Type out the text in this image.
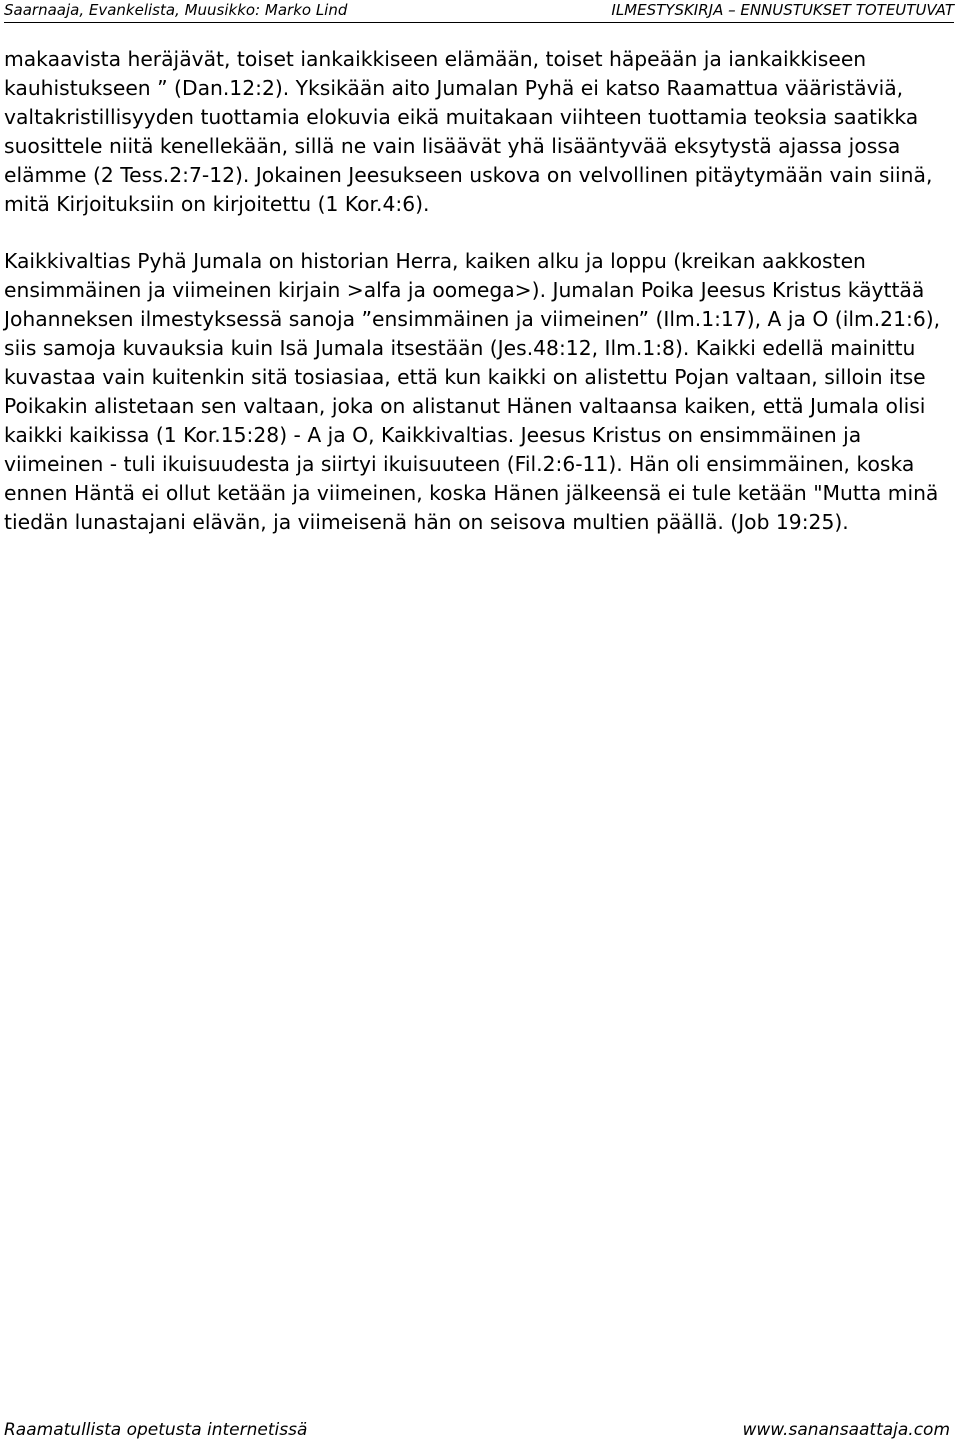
Saarnaaja, Evankelista, Muusikko: Marko Lind	ILMESTYSKIRJA – ENNUSTUKSET TOTEUTUVAT

makaavista heräjävät, toiset iankaikkiseen elämään, toiset häpeään ja iankaikkiseen kauhistukseen ” (Dan.12:2). Yksikään aito Jumalan Pyhä ei katso Raamattua vääristäviä, valtakristillisyyden tuottamia elokuvia eikä muitakaan viihteen tuottamia teoksia saatikka suosittele niitä kenellekään, sillä ne vain lisäävät yhä lisääntyvää eksytystä ajassa jossa elämme (2 Tess.2:7-12). Jokainen Jeesukseen uskova on velvollinen pitäytymään vain siinä, mitä Kirjoituksiin on kirjoitettu (1 Kor.4:6).

Kaikkivaltias Pyhä Jumala on historian Herra, kaiken alku ja loppu (kreikan aakkosten ensimmäinen ja viimeinen kirjain >alfa ja oomega>). Jumalan Poika Jeesus Kristus käyttää Johanneksen ilmestyksessä sanoja ”ensimmäinen ja viimeinen” (Ilm.1:17), A ja O (ilm.21:6), siis samoja kuvauksia kuin Isä Jumala itsestään (Jes.48:12, Ilm.1:8). Kaikki edellä mainittu kuvastaa vain kuitenkin sitä tosiasiaa, että kun kaikki on alistettu Pojan valtaan, silloin itse Poikakin alistetaan sen valtaan, joka on alistanut Hänen valtaansa kaiken, että Jumala olisi kaikki kaikissa (1 Kor.15:28) - A ja O, Kaikkivaltias. Jeesus Kristus on ensimmäinen ja viimeinen - tuli ikuisuudesta ja siirtyi ikuisuuteen (Fil.2:6-11). Hän oli ensimmäinen, koska ennen Häntä ei ollut ketään ja viimeinen, koska Hänen jälkeensä ei tule ketään "Mutta minä tiedän lunastajani elävän, ja viimeisenä hän on seisova multien päällä. (Job 19:25).

Raamatullista opetusta internetissä	www.sanansaattaja.com
